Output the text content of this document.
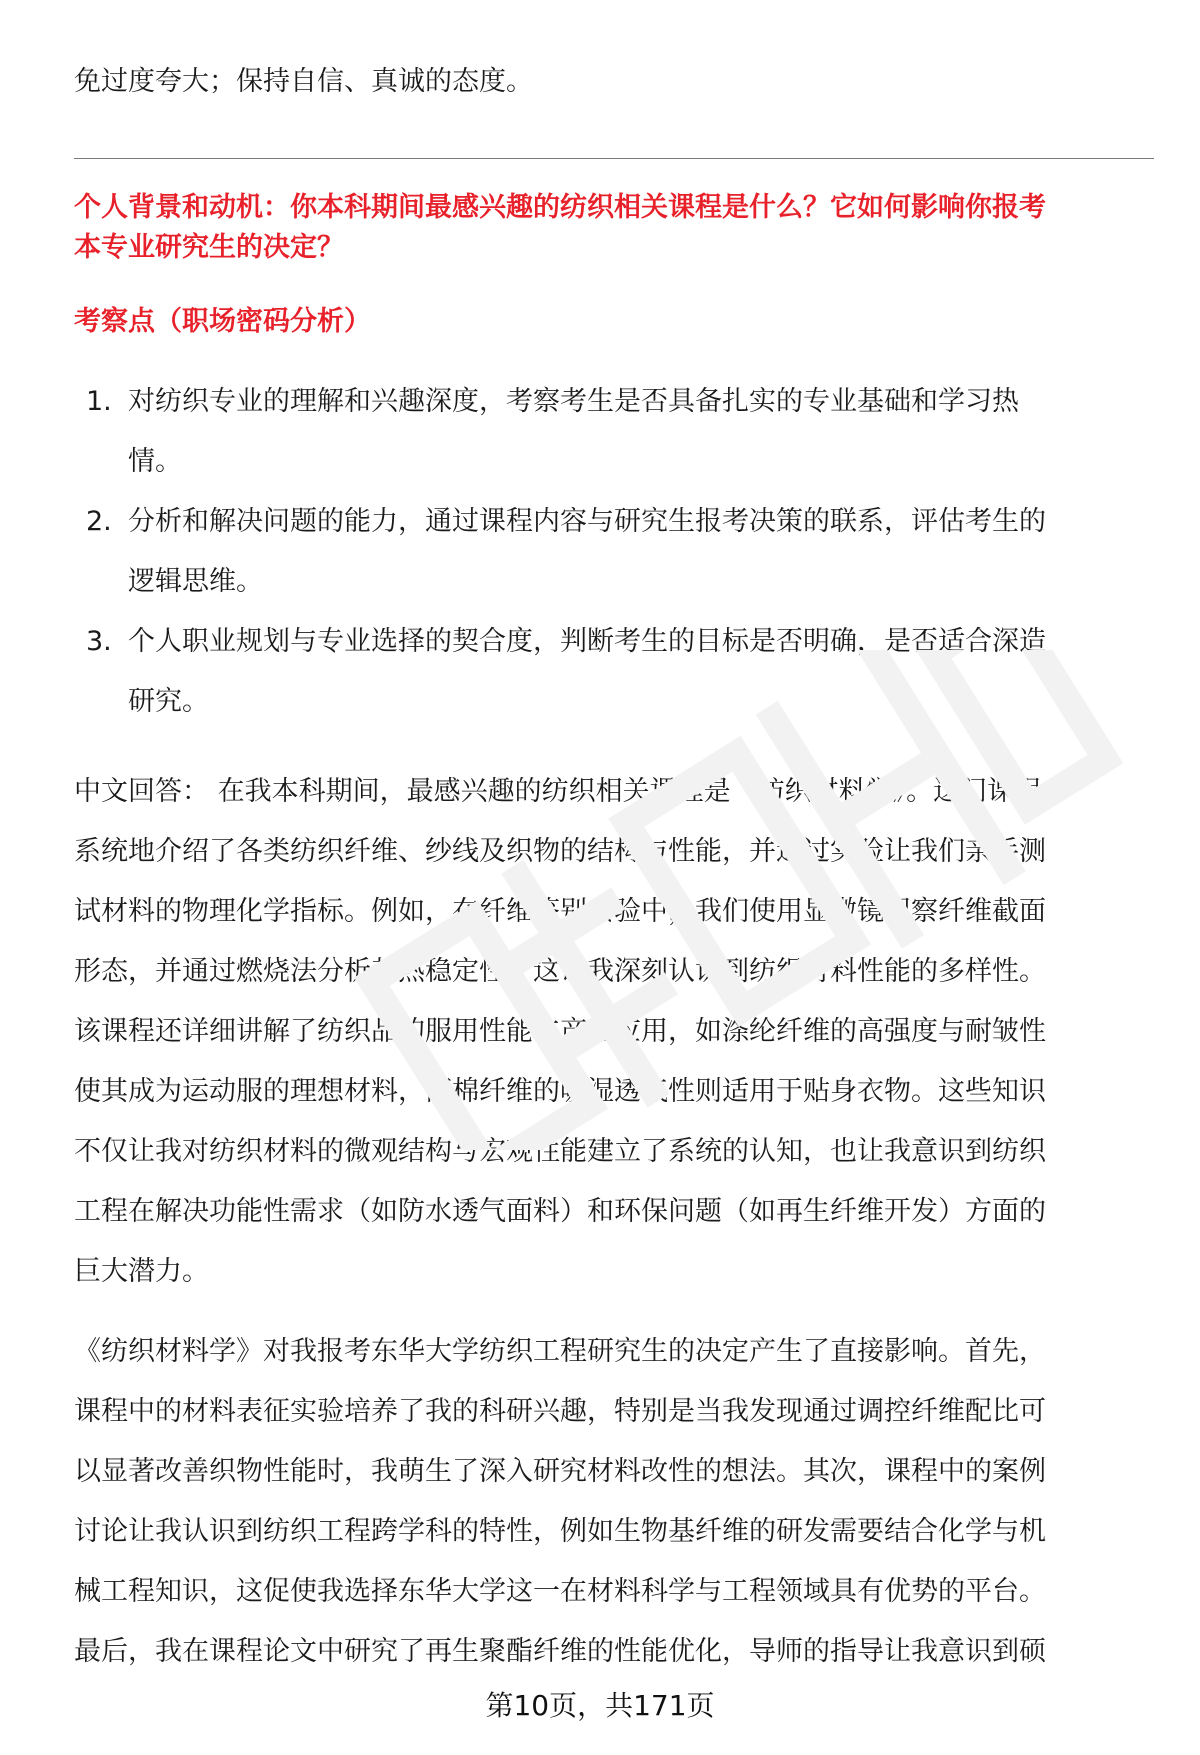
免过度夸大；保持自信、真诚的态度。

个人背景和动机：你本科期间最感兴趣的纺织相关课程是什么？它如何影响你报考
本专业研究生的决定？
考察点（职场密码分析）
1. 对纺织专业的理解和兴趣深度，考察考生是否具备扎实的专业基础和学习热
情。
2. 分析和解决问题的能力，通过课程内容与研究生报考决策的联系，评估考生的
逻辑思维。
3. 个人职业规划与专业选择的契合度，判断考生的目标是否明确，是否适合深造
研究。
中文回答： 在我本科期间，最感兴趣的纺织相关课程是《纺织材料学》。这门课程
系统地介绍了各类纺织纤维、纱线及织物的结构与性能，并通过实验让我们亲手测
试材料的物理化学指标。例如，在纤维鉴别实验中，我们使用显微镜观察纤维截面
形态，并通过燃烧法分析其热稳定性，这让我深刻认识到纺织材料性能的多样性。
该课程还详细讲解了纺织品的服用性能与产业应用，如涤纶纤维的高强度与耐皱性
使其成为运动服的理想材料，而棉纤维的吸湿透气性则适用于贴身衣物。这些知识
不仅让我对纺织材料的微观结构与宏观性能建立了系统的认知，也让我意识到纺织
工程在解决功能性需求（如防水透气面料）和环保问题（如再生纤维开发）方面的
巨大潜力。
《纺织材料学》对我报考东华大学纺织工程研究生的决定产生了直接影响。首先，
课程中的材料表征实验培养了我的科研兴趣，特别是当我发现通过调控纤维配比可
以显著改善织物性能时，我萌生了深入研究材料改性的想法。其次，课程中的案例
讨论让我认识到纺织工程跨学科的特性，例如生物基纤维的研发需要结合化学与机
械工程知识，这促使我选择东华大学这一在材料科学与工程领域具有优势的平台。
最后，我在课程论文中研究了再生聚酯纤维的性能优化，导师的指导让我意识到硕
第10页，共171页
